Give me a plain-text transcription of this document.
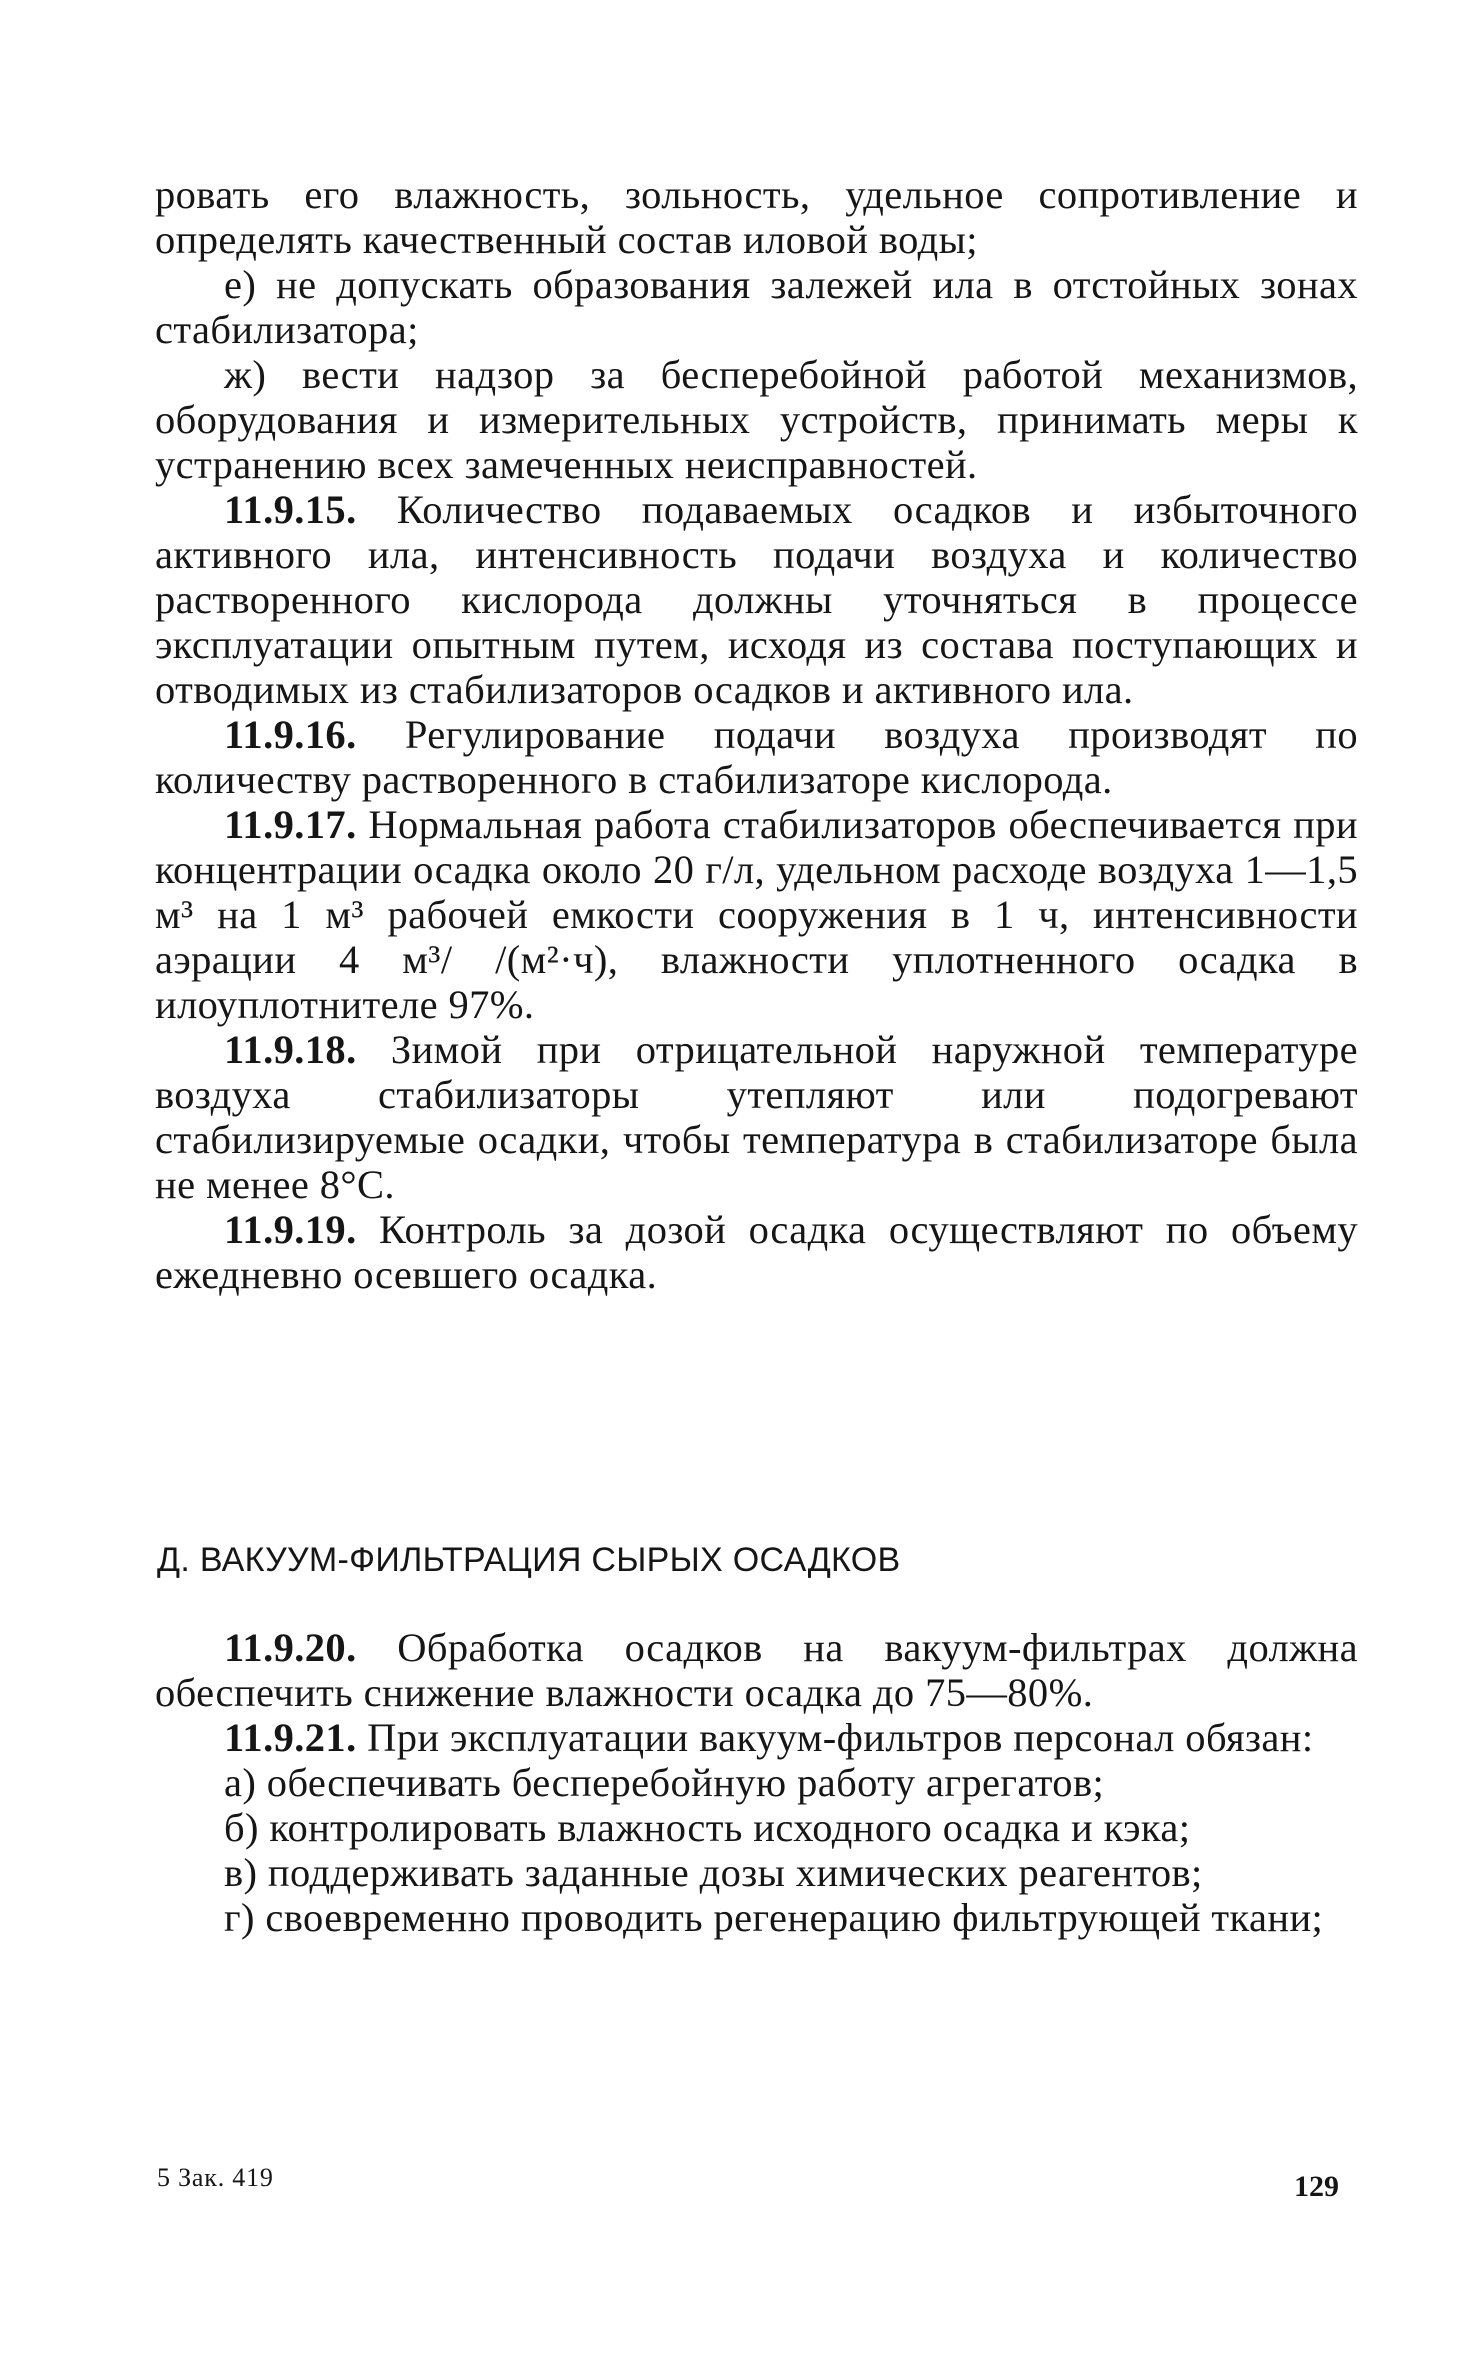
ровать его влажность, зольность, удельное сопротивление и определять качественный состав иловой воды;

е) не допускать образования залежей ила в отстойных зонах стабилизатора;

ж) вести надзор за бесперебойной работой механизмов, оборудования и измерительных устройств, принимать меры к устранению всех замеченных неисправностей.

11.9.15. Количество подаваемых осадков и избыточного активного ила, интенсивность подачи воздуха и количество растворенного кислорода должны уточняться в процессе эксплуатации опытным путем, исходя из состава поступающих и отводимых из стабилизаторов осадков и активного ила.

11.9.16. Регулирование подачи воздуха производят по количеству растворенного в стабилизаторе кислорода.

11.9.17. Нормальная работа стабилизаторов обеспечивается при концентрации осадка около 20 г/л, удельном расходе воздуха 1—1,5 м³ на 1 м³ рабочей емкости сооружения в 1 ч, интенсивности аэрации 4 м³/ /(м²·ч), влажности уплотненного осадка в илоуплотнителе 97%.

11.9.18. Зимой при отрицательной наружной температуре воздуха стабилизаторы утепляют или подогревают стабилизируемые осадки, чтобы температура в стабилизаторе была не менее 8°С.

11.9.19. Контроль за дозой осадка осуществляют по объему ежедневно осевшего осадка.

Д. ВАКУУМ-ФИЛЬТРАЦИЯ СЫРЫХ ОСАДКОВ

11.9.20. Обработка осадков на вакуум-фильтрах должна обеспечить снижение влажности осадка до 75—80%.

11.9.21. При эксплуатации вакуум-фильтров персонал обязан:

а) обеспечивать бесперебойную работу агрегатов;

б) контролировать влажность исходного осадка и кэка;

в) поддерживать заданные дозы химических реагентов;

г) своевременно проводить регенерацию фильтрующей ткани;

5 Зак. 419	129
